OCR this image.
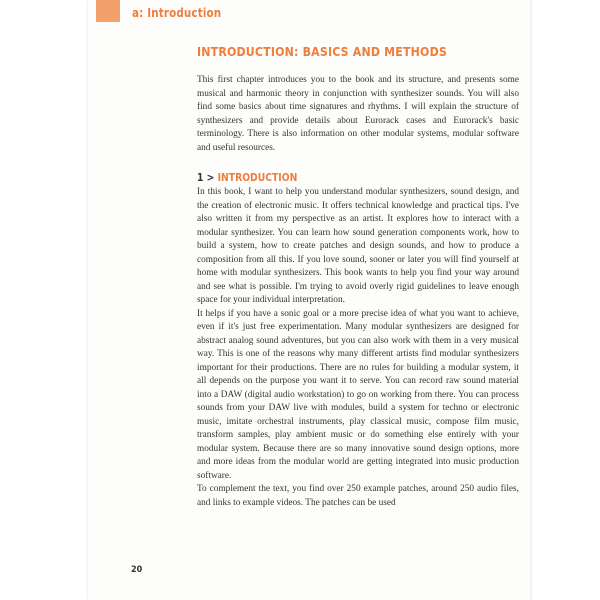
a: Introduction
INTRODUCTION: BASICS AND METHODS
This first chapter introduces you to the book and its structure, and presents some musical and harmonic theory in conjunction with synthesizer sounds. You will also find some basics about time signatures and rhythms. I will explain the structure of synthesizers and provide details about Eurorack cases and Eurorack's basic terminology. There is also information on other modular systems, modular software and useful resources.
1 > INTRODUCTION

In this book, I want to help you understand modular synthesizers, sound design, and the creation of electronic music. It offers technical knowledge and practical tips. I've also written it from my perspective as an artist. It explores how to interact with a modular synthesizer. You can learn how sound generation components work, how to build a system, how to create patches and design sounds, and how to produce a composition from all this. If you love sound, sooner or later you will find yourself at home with modular synthesizers. This book wants to help you find your way around and see what is possible. I'm trying to avoid overly rigid guidelines to leave enough space for your individual interpretation.

It helps if you have a sonic goal or a more precise idea of what you want to achieve, even if it's just free experimentation. Many modular synthesizers are designed for abstract analog sound adventures, but you can also work with them in a very musical way. This is one of the reasons why many different artists find modular synthesizers important for their productions. There are no rules for building a modular system, it all depends on the purpose you want it to serve. You can record raw sound material into a DAW (digital audio workstation) to go on working from there. You can process sounds from your DAW live with modules, build a system for techno or electronic music, imitate orchestral instruments, play classical music, compose film music, transform samples, play ambient music or do something else entirely with your modular system. Because there are so many innovative sound design options, more and more ideas from the modular world are getting integrated into music production software.

To complement the text, you find over 250 example patches, around 250 audio files, and links to example videos. The patches can be used

20
